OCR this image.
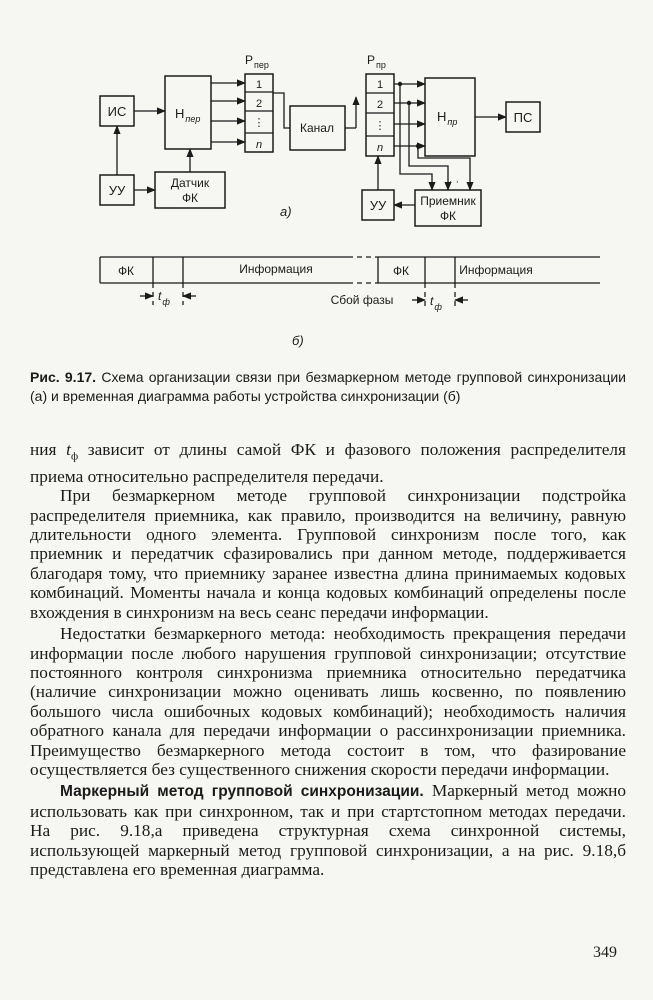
ИС	$Н_{пер}$
УУ	Датчик
ФК
$Р_{пер}$
1
2
⋮
n
Канал
$Р_{пр}$
1
2
⋮
n
$Н_{пр}$	ПС
УУ	Приемник
ФК
· ·
а)
ФК	Информация	ФК	Информация
$t_ф$	Сбой фазы	$t_ф$
б)

Рис. 9.17. Схема организации связи при безмаркерном методе групповой синхронизации (а) и временная диаграмма работы устройства синхронизации (б)

ния $t_ф$ зависит от длины самой ФК и фазового положения распределителя приема относительно распределителя передачи.

При безмаркерном методе групповой синхронизации подстройка распределителя приемника, как правило, производится на величину, равную длительности одного элемента. Групповой синхронизм после того, как приемник и передатчик сфазировались при данном методе, поддерживается благодаря тому, что приемнику заранее известна длина принимаемых кодовых комбинаций. Моменты начала и конца кодовых комбинаций определены после вхождения в синхронизм на весь сеанс передачи информации.

Недостатки безмаркерного метода: необходимость прекращения передачи информации после любого нарушения групповой синхронизации; отсутствие постоянного контроля синхронизма приемника относительно передатчика (наличие синхронизации можно оценивать лишь косвенно, по появлению большого числа ошибочных кодовых комбинаций); необходимость наличия обратного канала для передачи информации о рассинхронизации приемника. Преимущество безмаркерного метода состоит в том, что фазирование осуществляется без существенного снижения скорости передачи информации.

Маркерный метод групповой синхронизации. Маркерный метод можно использовать как при синхронном, так и при стартстопном методах передачи. На рис. 9.18,а приведена структурная схема синхронной системы, использующей маркерный метод групповой синхронизации, а на рис. 9.18,б представлена его временная диаграмма.

349
